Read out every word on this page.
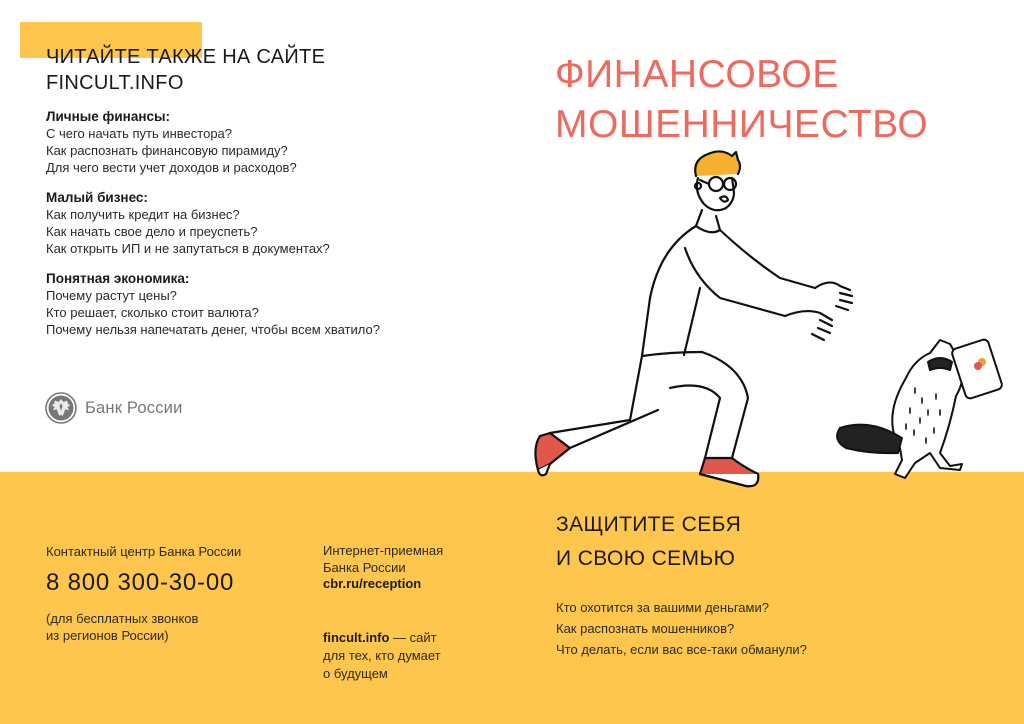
ЧИТАЙТЕ ТАКЖЕ НА САЙТЕ
FINCULT.INFO
Личные финансы:
С чего начать путь инвестора?
Как распознать финансовую пирамиду?
Для чего вести учет доходов и расходов?
Малый бизнес:
Как получить кредит на бизнес?
Как начать свое дело и преуспеть?
Как открыть ИП и не запутаться в документах?
Понятная экономика:
Почему растут цены?
Кто решает, сколько стоит валюта?
Почему нельзя напечатать денег, чтобы всем хватило?
Банк России
ФИНАНСОВОЕ
МОШЕННИЧЕСТВО
Контактный центр Банка России
8 800 300-30-00
(для бесплатных звонков
из регионов России)
Интернет-приемная
Банка России
cbr.ru/reception
fincult.info — сайт
для тех, кто думает
о будущем
ЗАЩИТИТЕ СЕБЯ
И СВОЮ СЕМЬЮ
Кто охотится за вашими деньгами?
Как распознать мошенников?
Что делать, если вас все-таки обманули?
